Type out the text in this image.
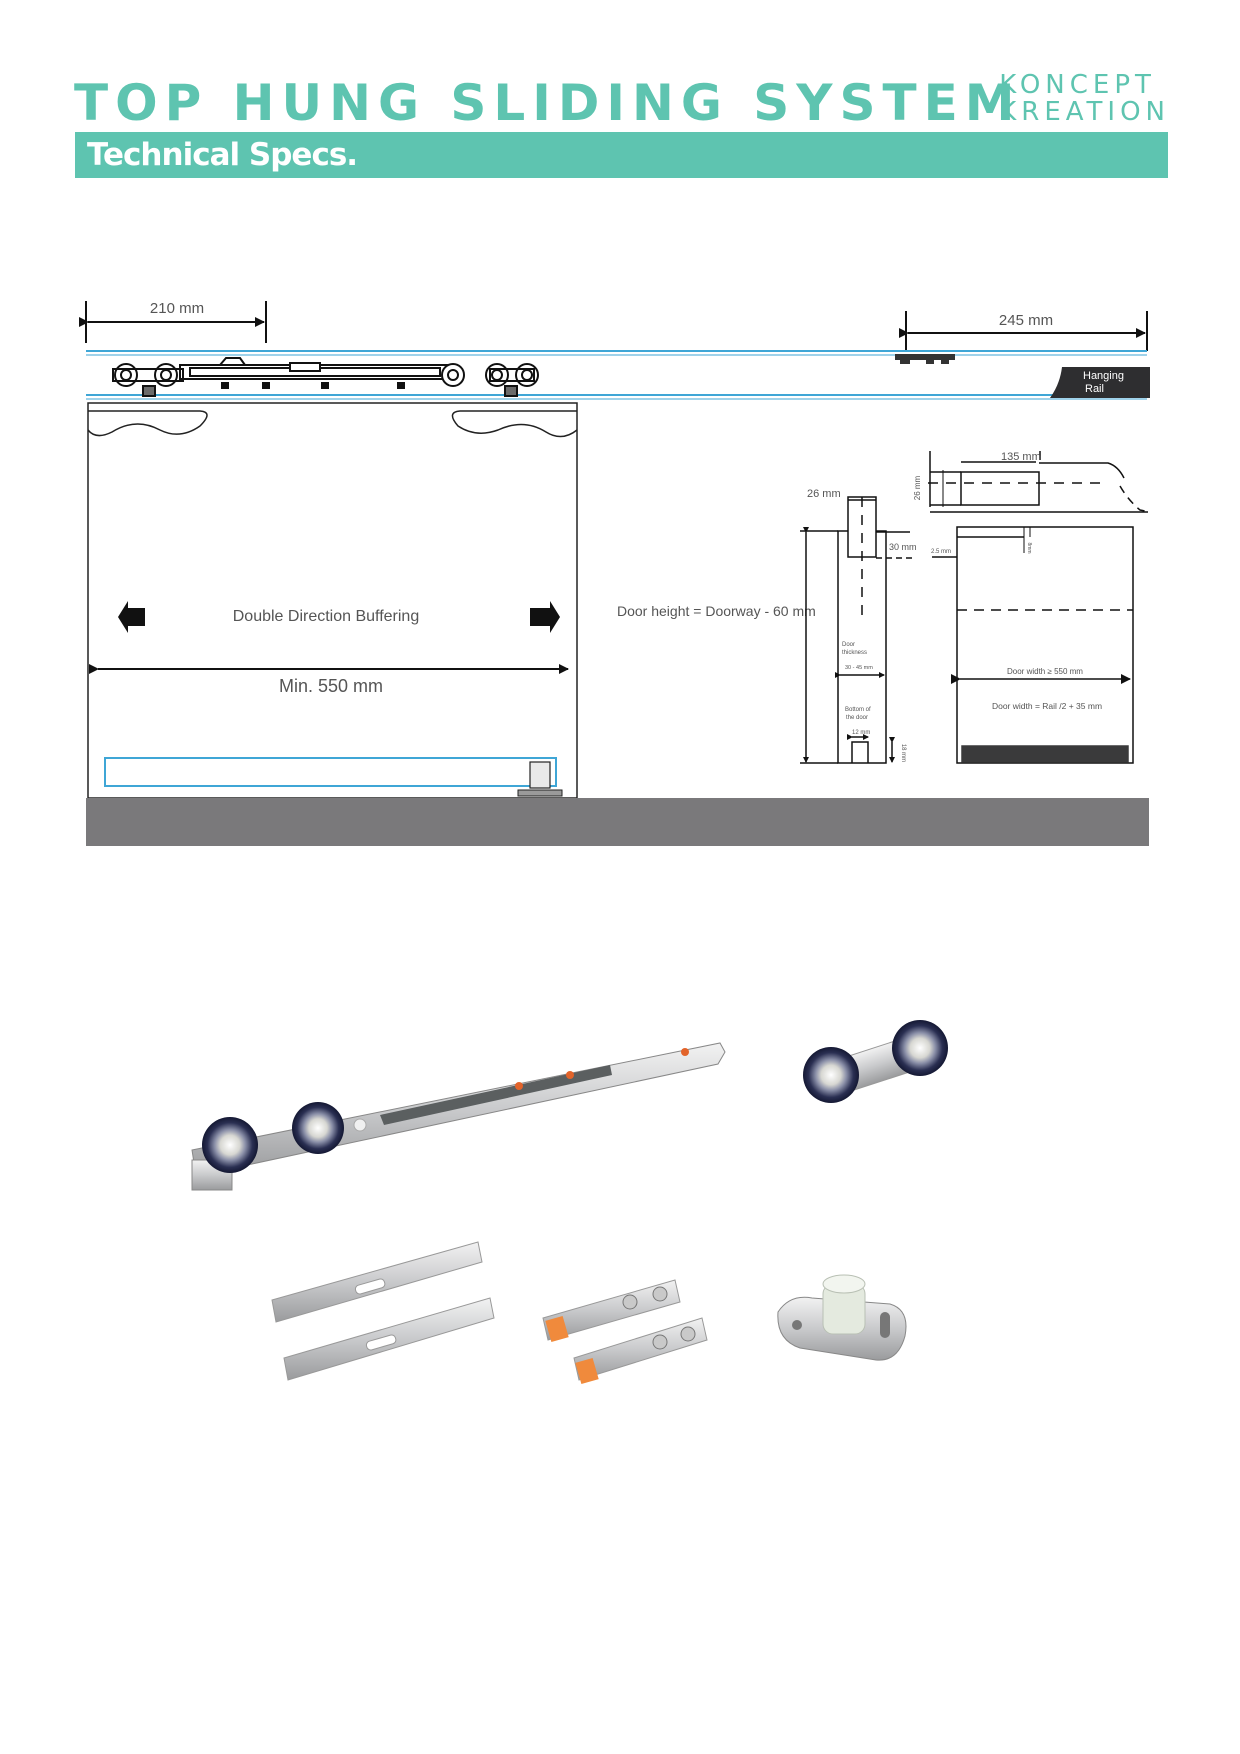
TOP HUNG SLIDING SYSTEM
KONCEPT
KREATION
Technical Specs.
210 mm
245 mm
Hanging
Rail
Double Direction Buffering
Min. 550 mm
Door height = Doorway - 60 mm
26 mm
30 mm
Door
thickness
30 - 45 mm
Bottom of
the door
12 mm
18 mm
135 mm
26 mm
2.5 mm	8mm
Door width ≥ 550 mm
Door width = Rail /2 + 35 mm
